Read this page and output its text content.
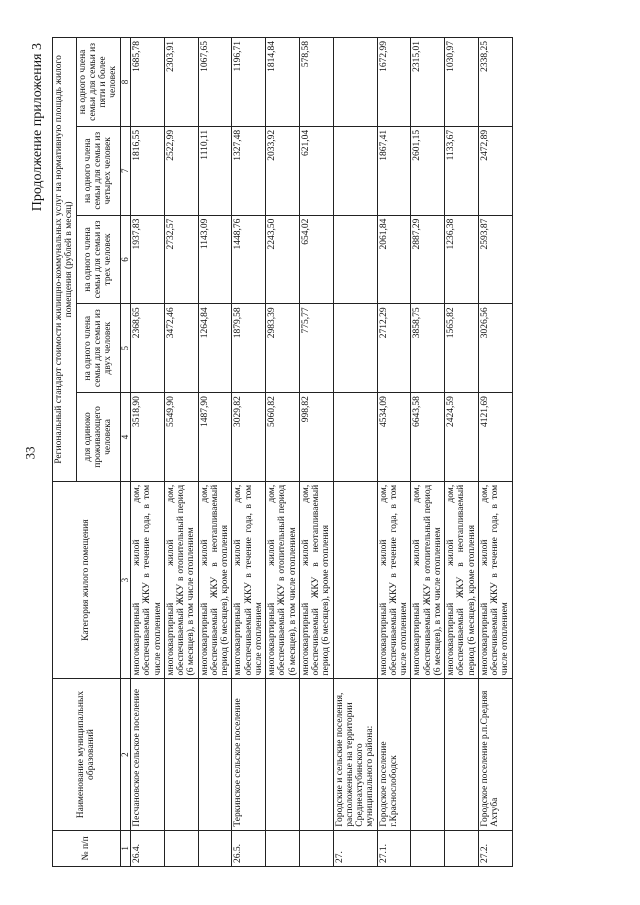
33
Продолжение приложения 3
№ п/п	Наименование муниципальных образований	Категория жилого помещения	Региональный стандарт стоимости жилищно-коммунальных услуг на нормативную площадь жилого помещения (рублей в месяц)				
			для одиноко проживающего человека	на одного члена семьи для семьи из двух человек	на одного члена семьи для семьи из трех человек	на одного члена семьи для семьи из четырех человек	на одного члена семьи для семьи из пяти и более человек
1	2	3	4	5	6	7	8
26.4.	Песчановское сельское поселение	многоквартирный жилой дом, обеспечиваемый ЖКУ в течение года, в том числе отоплением	3518,90	2368,65	1937,83	1816,55	1685,78
		многоквартирный жилой дом, обеспечиваемый ЖКУ в отопительный период (6 месяцев), в том числе отоплением	5549,90	3472,46	2732,57	2522,99	2303,91
		многоквартирный жилой дом, обеспечиваемый ЖКУ в неотапливаемый период (6 месяцев), кроме отопления	1487,90	1264,84	1143,09	1110,11	1067,65
26.5.	Теркинское сельское поселение	многоквартирный жилой дом, обеспечиваемый ЖКУ в течение года, в том числе отоплением	3029,82	1879,58	1448,76	1327,48	1196,71
		многоквартирный жилой дом, обеспечиваемый ЖКУ в отопительный период (6 месяцев), в том числе отоплением	5060,82	2983,39	2243,50	2033,92	1814,84
		многоквартирный жилой дом, обеспечиваемый ЖКУ в неотапливаемый период (6 месяцев), кроме отопления	998,82	775,77	654,02	621,04	578,58
27.	Городские и сельские поселения, расположенные на территории Среднеахтубинского муниципального района:						
27.1.	Городское поселение г.Краснослободск	многоквартирный жилой дом, обеспечиваемый ЖКУ в течение года, в том числе отоплением	4534,09	2712,29	2061,84	1867,41	1672,99
		многоквартирный жилой дом, обеспечиваемый ЖКУ в отопительный период (6 месяцев), в том числе отоплением	6643,58	3858,75	2887,29	2601,15	2315,01
		многоквартирный жилой дом, обеспечиваемый ЖКУ в неотапливаемый период (6 месяцев), кроме отопления	2424,59	1565,82	1236,38	1133,67	1030,97
27.2.	Городское поселение р.п.Средняя Ахтуба	многоквартирный жилой дом, обеспечиваемый ЖКУ в течение года, в том числе отоплением	4121,69	3026,56	2593,87	2472,89	2338,25
